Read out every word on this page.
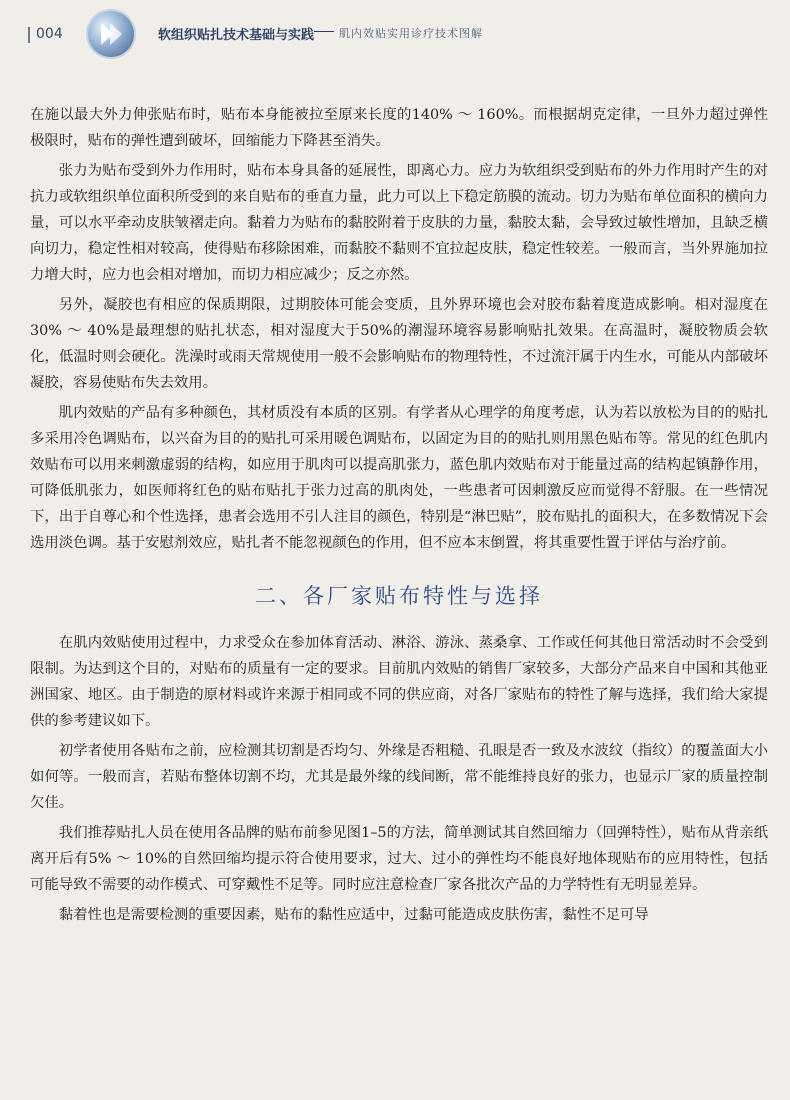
004	软组织贴扎技术基础与实践 肌内效贴实用诊疗技术图解

在施以最大外力伸张贴布时，贴布本身能被拉至原来长度的140% ～ 160%。而根据胡克定律，一旦外力超过弹性极限时，贴布的弹性遭到破坏，回缩能力下降甚至消失。

张力为贴布受到外力作用时，贴布本身具备的延展性，即离心力。应力为软组织受到贴布的外力作用时产生的对抗力或软组织单位面积所受到的来自贴布的垂直力量，此力可以上下稳定筋膜的流动。切力为贴布单位面积的横向力量，可以水平牵动皮肤皱褶走向。黏着力为贴布的黏胶附着于皮肤的力量，黏胶太黏，会导致过敏性增加，且缺乏横向切力，稳定性相对较高，使得贴布移除困难，而黏胶不黏则不宜拉起皮肤，稳定性较差。一般而言，当外界施加拉力增大时，应力也会相对增加，而切力相应减少；反之亦然。

另外，凝胶也有相应的保质期限，过期胶体可能会变质，且外界环境也会对胶布黏着度造成影响。相对湿度在30% ～ 40%是最理想的贴扎状态，相对湿度大于50%的潮湿环境容易影响贴扎效果。在高温时，凝胶物质会软化，低温时则会硬化。洗澡时或雨天常规使用一般不会影响贴布的物理特性，不过流汗属于内生水，可能从内部破坏凝胶，容易使贴布失去效用。

肌内效贴的产品有多种颜色，其材质没有本质的区别。有学者从心理学的角度考虑，认为若以放松为目的的贴扎多采用冷色调贴布，以兴奋为目的的贴扎可采用暖色调贴布，以固定为目的的贴扎则用黑色贴布等。常见的红色肌内效贴布可以用来刺激虚弱的结构，如应用于肌肉可以提高肌张力，蓝色肌内效贴布对于能量过高的结构起镇静作用，可降低肌张力，如医师将红色的贴布贴扎于张力过高的肌肉处，一些患者可因刺激反应而觉得不舒服。在一些情况下，出于自尊心和个性选择，患者会选用不引人注目的颜色，特别是“淋巴贴”，胶布贴扎的面积大，在多数情况下会选用淡色调。基于安慰剂效应，贴扎者不能忽视颜色的作用，但不应本末倒置，将其重要性置于评估与治疗前。

二、各厂家贴布特性与选择

在肌内效贴使用过程中，力求受众在参加体育活动、淋浴、游泳、蒸桑拿、工作或任何其他日常活动时不会受到限制。为达到这个目的，对贴布的质量有一定的要求。目前肌内效贴的销售厂家较多，大部分产品来自中国和其他亚洲国家、地区。由于制造的原材料或许来源于相同或不同的供应商，对各厂家贴布的特性了解与选择，我们给大家提供的参考建议如下。

初学者使用各贴布之前，应检测其切割是否均匀、外缘是否粗糙、孔眼是否一致及水波纹（指纹）的覆盖面大小如何等。一般而言，若贴布整体切割不均，尤其是最外缘的线间断，常不能维持良好的张力，也显示厂家的质量控制欠佳。

我们推荐贴扎人员在使用各品牌的贴布前参见图1–5的方法，简单测试其自然回缩力（回弹特性），贴布从背亲纸离开后有5% ～ 10%的自然回缩均提示符合使用要求，过大、过小的弹性均不能良好地体现贴布的应用特性，包括可能导致不需要的动作模式、可穿戴性不足等。同时应注意检查厂家各批次产品的力学特性有无明显差异。

黏着性也是需要检测的重要因素，贴布的黏性应适中，过黏可能造成皮肤伤害，黏性不足可导
